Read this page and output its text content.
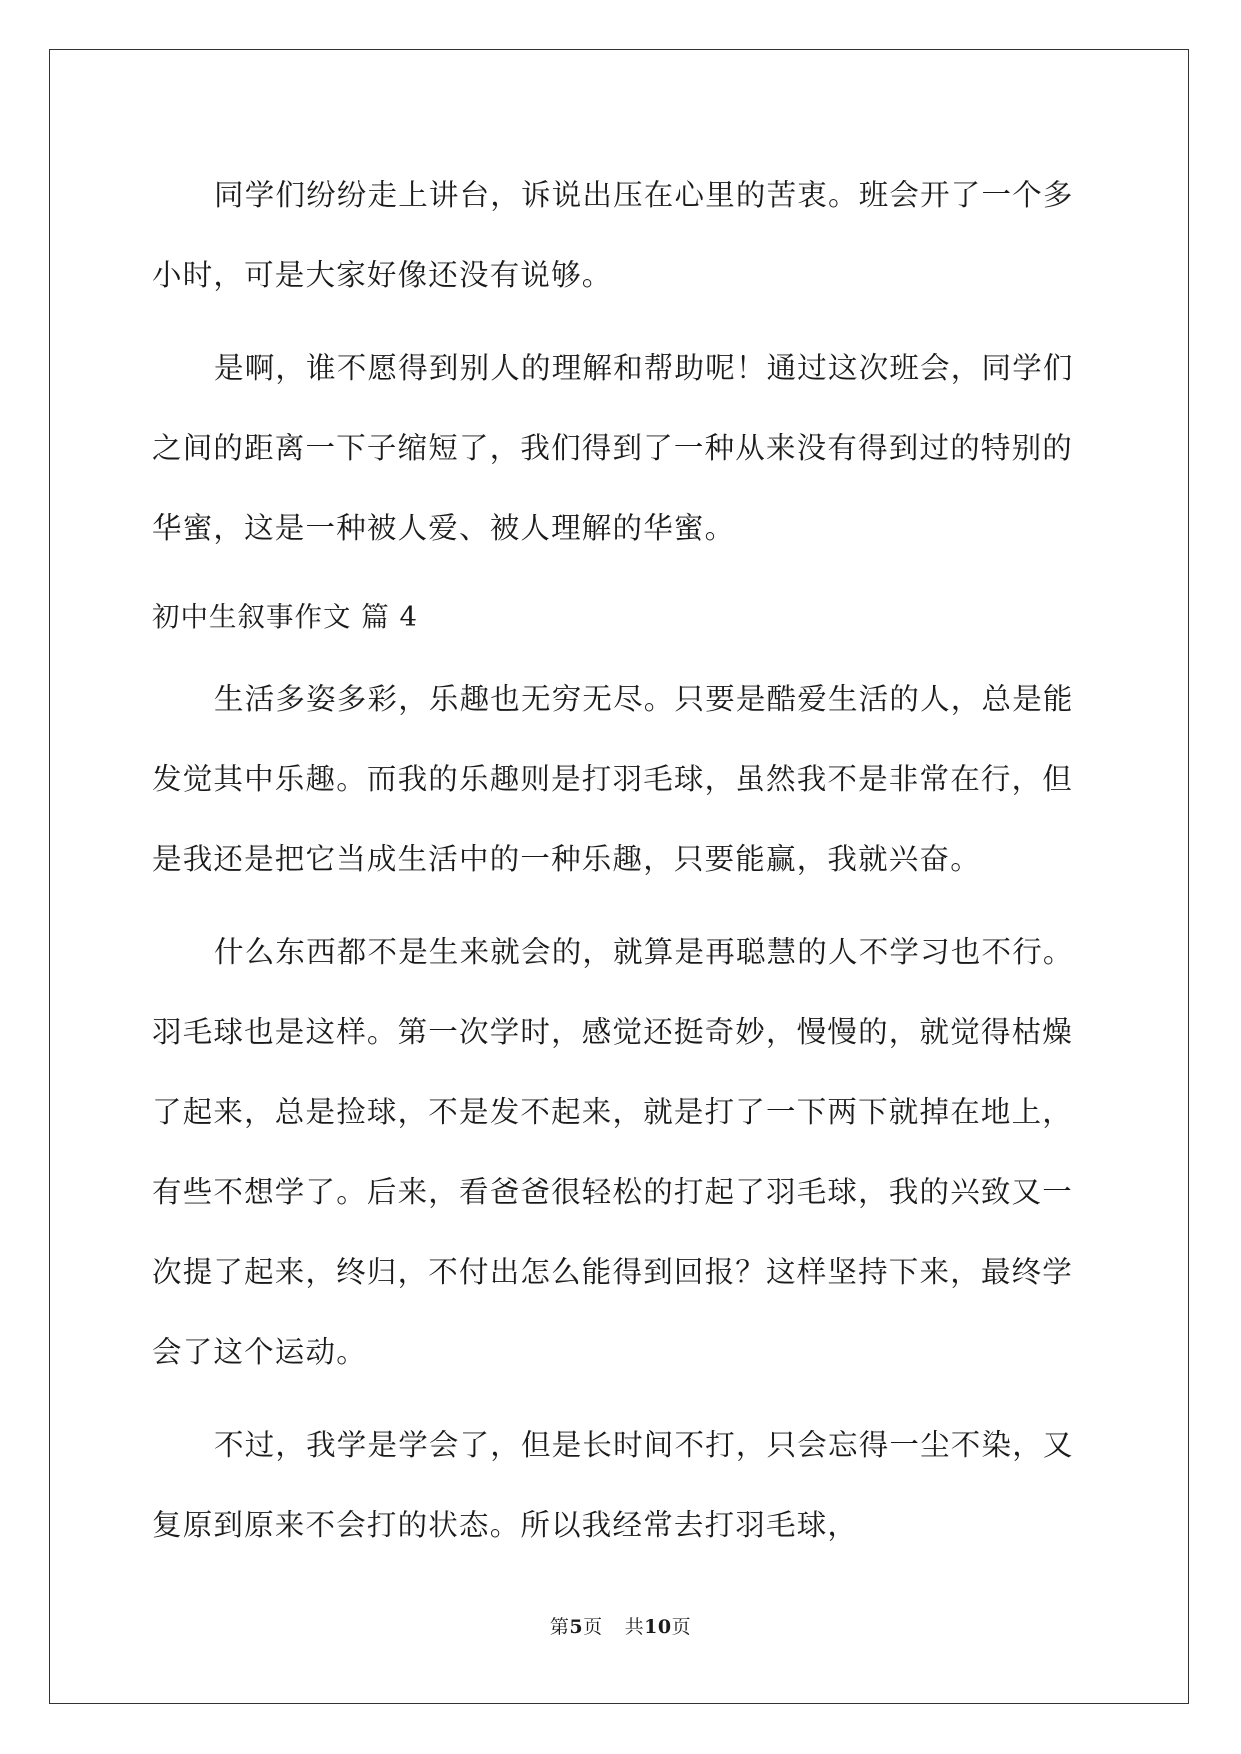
同学们纷纷走上讲台，诉说出压在心里的苦衷。班会开了一个多小时，可是大家好像还没有说够。

是啊，谁不愿得到别人的理解和帮助呢！通过这次班会，同学们之间的距离一下子缩短了，我们得到了一种从来没有得到过的特别的华蜜，这是一种被人爱、被人理解的华蜜。

初中生叙事作文 篇 4

生活多姿多彩，乐趣也无穷无尽。只要是酷爱生活的人，总是能发觉其中乐趣。而我的乐趣则是打羽毛球，虽然我不是非常在行，但是我还是把它当成生活中的一种乐趣，只要能赢，我就兴奋。

什么东西都不是生来就会的，就算是再聪慧的人不学习也不行。羽毛球也是这样。第一次学时，感觉还挺奇妙，慢慢的，就觉得枯燥了起来，总是捡球，不是发不起来，就是打了一下两下就掉在地上，有些不想学了。后来，看爸爸很轻松的打起了羽毛球，我的兴致又一次提了起来，终归，不付出怎么能得到回报？这样坚持下来，最终学会了这个运动。

不过，我学是学会了，但是长时间不打，只会忘得一尘不染，又复原到原来不会打的状态。所以我经常去打羽毛球，

第5页 共10页
